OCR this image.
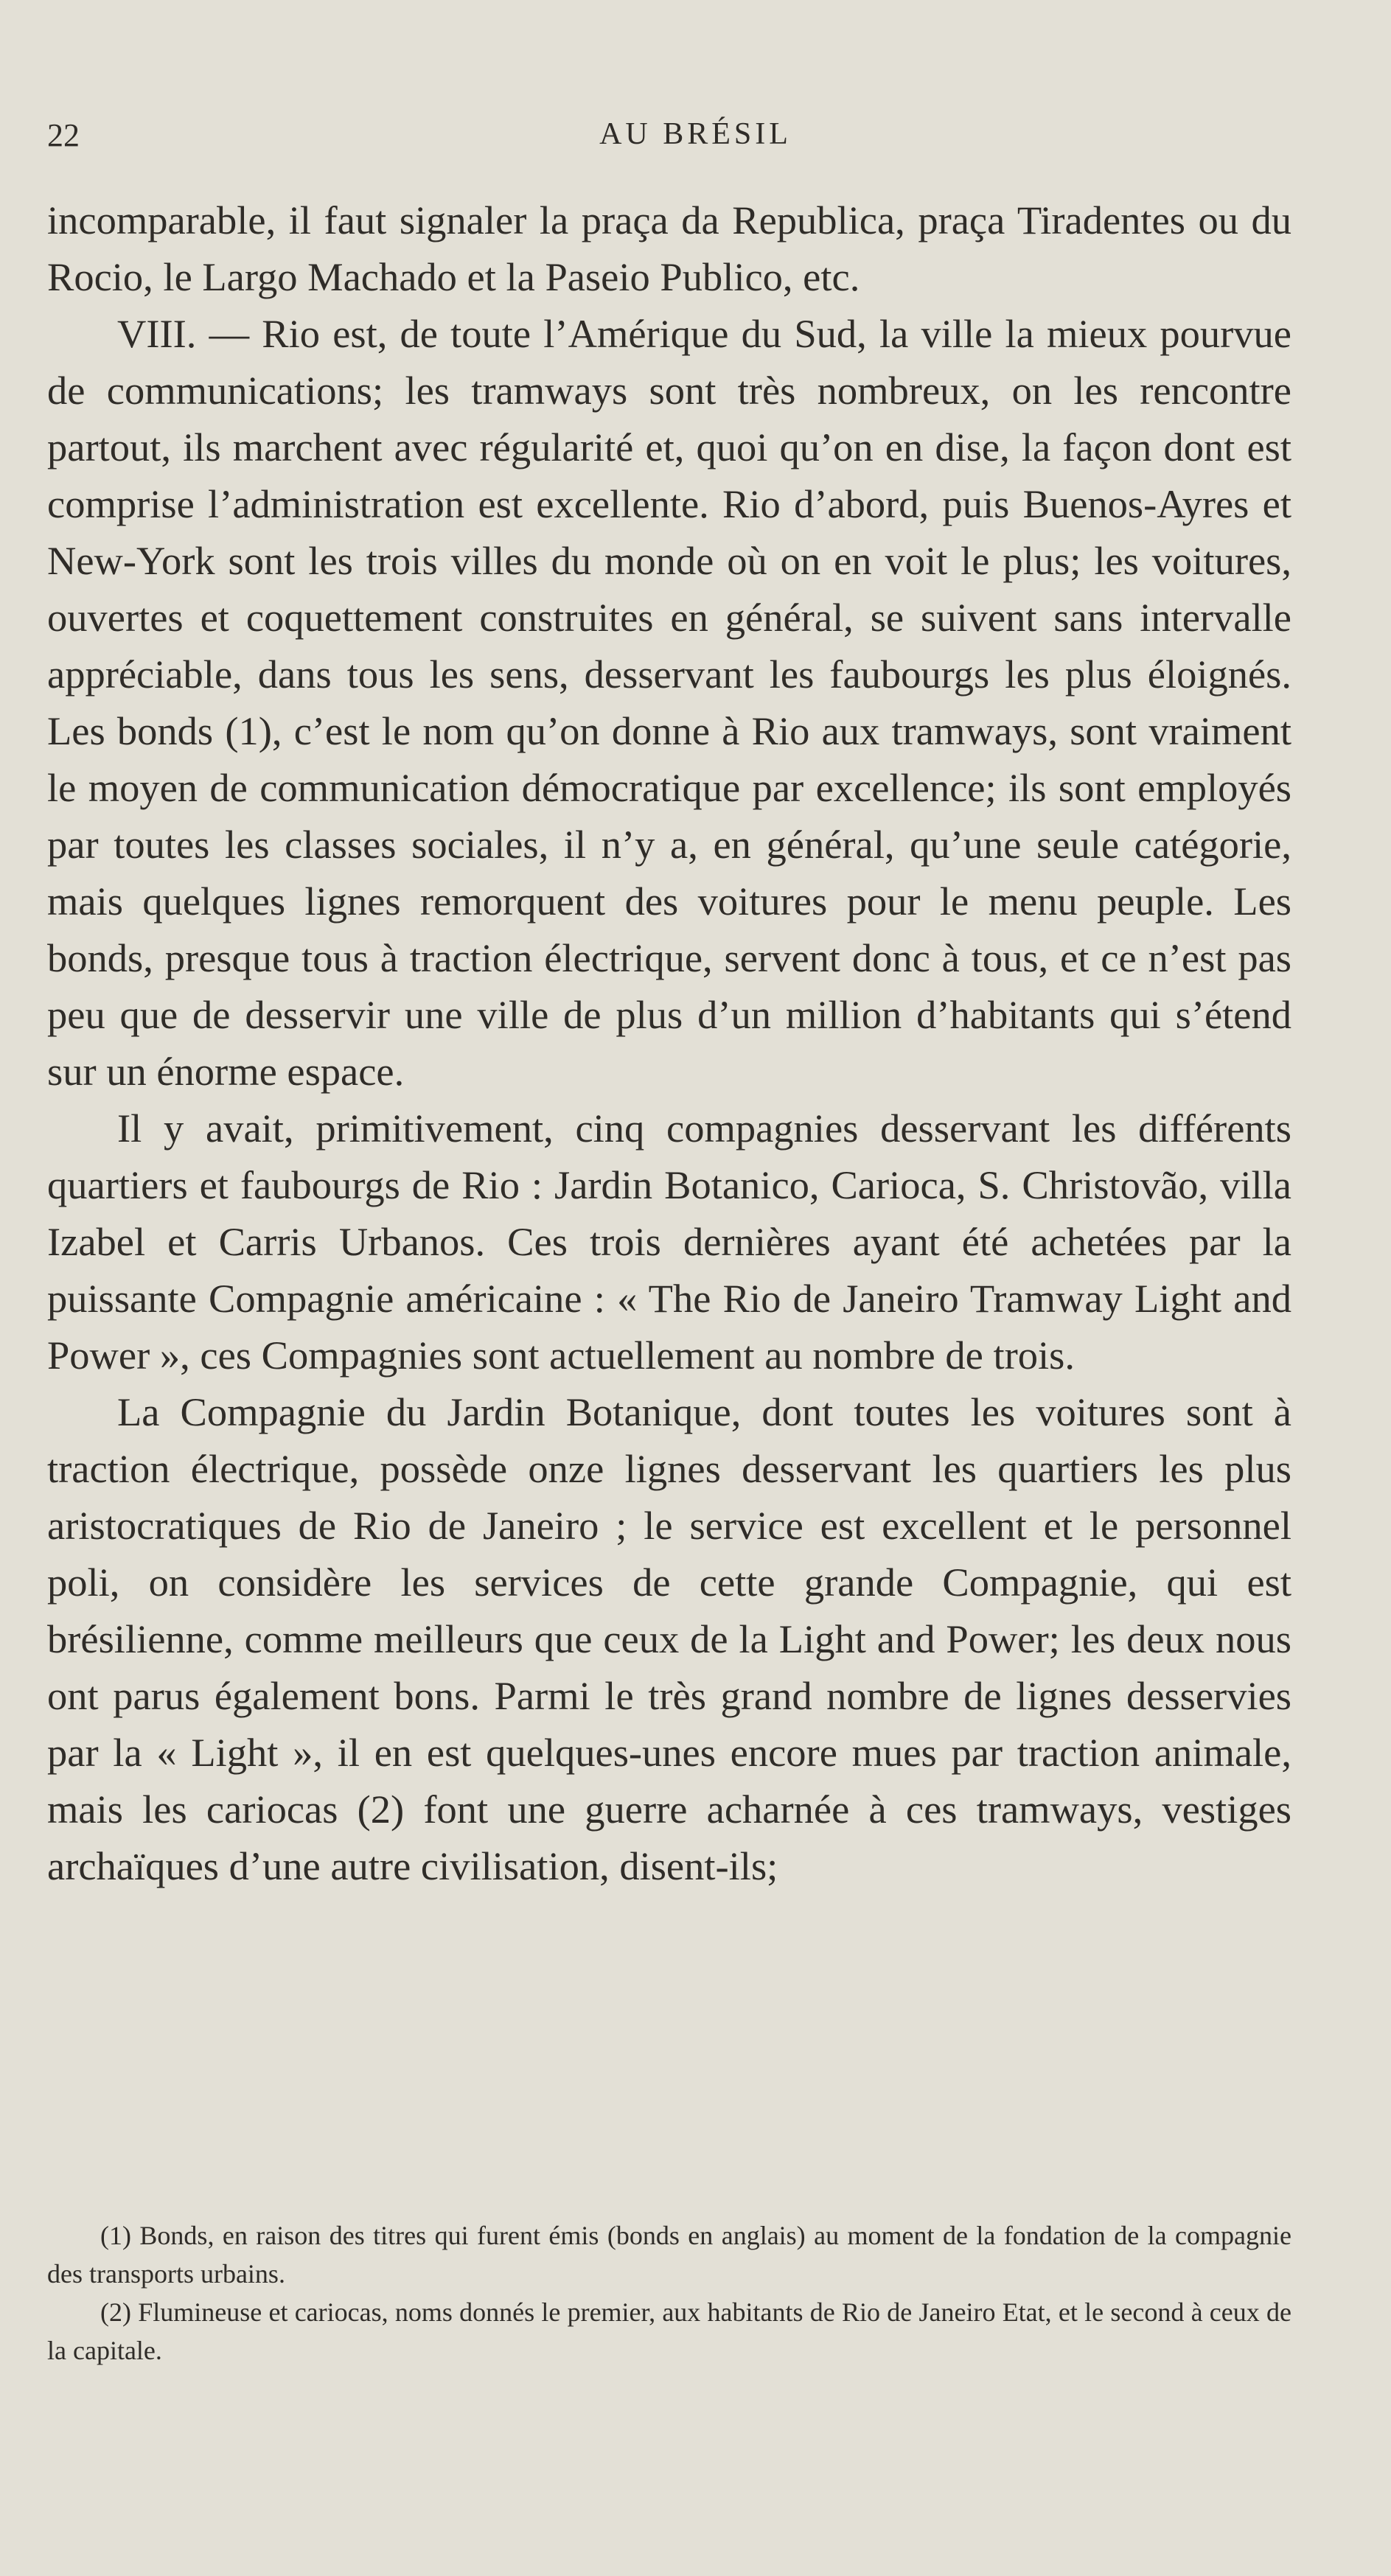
22	AU BRÉSIL

incomparable, il faut signaler la praça da Republica, praça Tiradentes ou du Rocio, le Largo Machado et la Paseio Publico, etc.

VIII. — Rio est, de toute l’Amérique du Sud, la ville la mieux pourvue de communications; les tramways sont très nombreux, on les rencontre partout, ils marchent avec régularité et, quoi qu’on en dise, la façon dont est comprise l’administration est excellente. Rio d’abord, puis Buenos-Ayres et New-York sont les trois villes du monde où on en voit le plus; les voitures, ouvertes et coquettement construites en général, se suivent sans intervalle appréciable, dans tous les sens, desservant les faubourgs les plus éloignés. Les bonds (1), c’est le nom qu’on donne à Rio aux tramways, sont vraiment le moyen de communication démocratique par excellence; ils sont employés par toutes les classes sociales, il n’y a, en général, qu’une seule catégorie, mais quelques lignes remorquent des voitures pour le menu peuple. Les bonds, presque tous à traction électrique, servent donc à tous, et ce n’est pas peu que de desservir une ville de plus d’un million d’habitants qui s’étend sur un énorme espace.

Il y avait, primitivement, cinq compagnies desservant les différents quartiers et faubourgs de Rio : Jardin Botanico, Carioca, S. Christovão, villa Izabel et Carris Urbanos. Ces trois dernières ayant été achetées par la puissante Compagnie américaine : « The Rio de Janeiro Tramway Light and Power », ces Compagnies sont actuellement au nombre de trois.

La Compagnie du Jardin Botanique, dont toutes les voitures sont à traction électrique, possède onze lignes desservant les quartiers les plus aristocratiques de Rio de Janeiro ; le service est excellent et le personnel poli, on considère les services de cette grande Compagnie, qui est brésilienne, comme meilleurs que ceux de la Light and Power; les deux nous ont parus également bons. Parmi le très grand nombre de lignes desservies par la « Light », il en est quelques-unes encore mues par traction animale, mais les cariocas (2) font une guerre acharnée à ces tramways, vestiges archaïques d’une autre civilisation, disent-ils;

(1) Bonds, en raison des titres qui furent émis (bonds en anglais) au moment de la fondation de la compagnie des transports urbains.

(2) Flumineuse et cariocas, noms donnés le premier, aux habitants de Rio de Janeiro Etat, et le second à ceux de la capitale.
